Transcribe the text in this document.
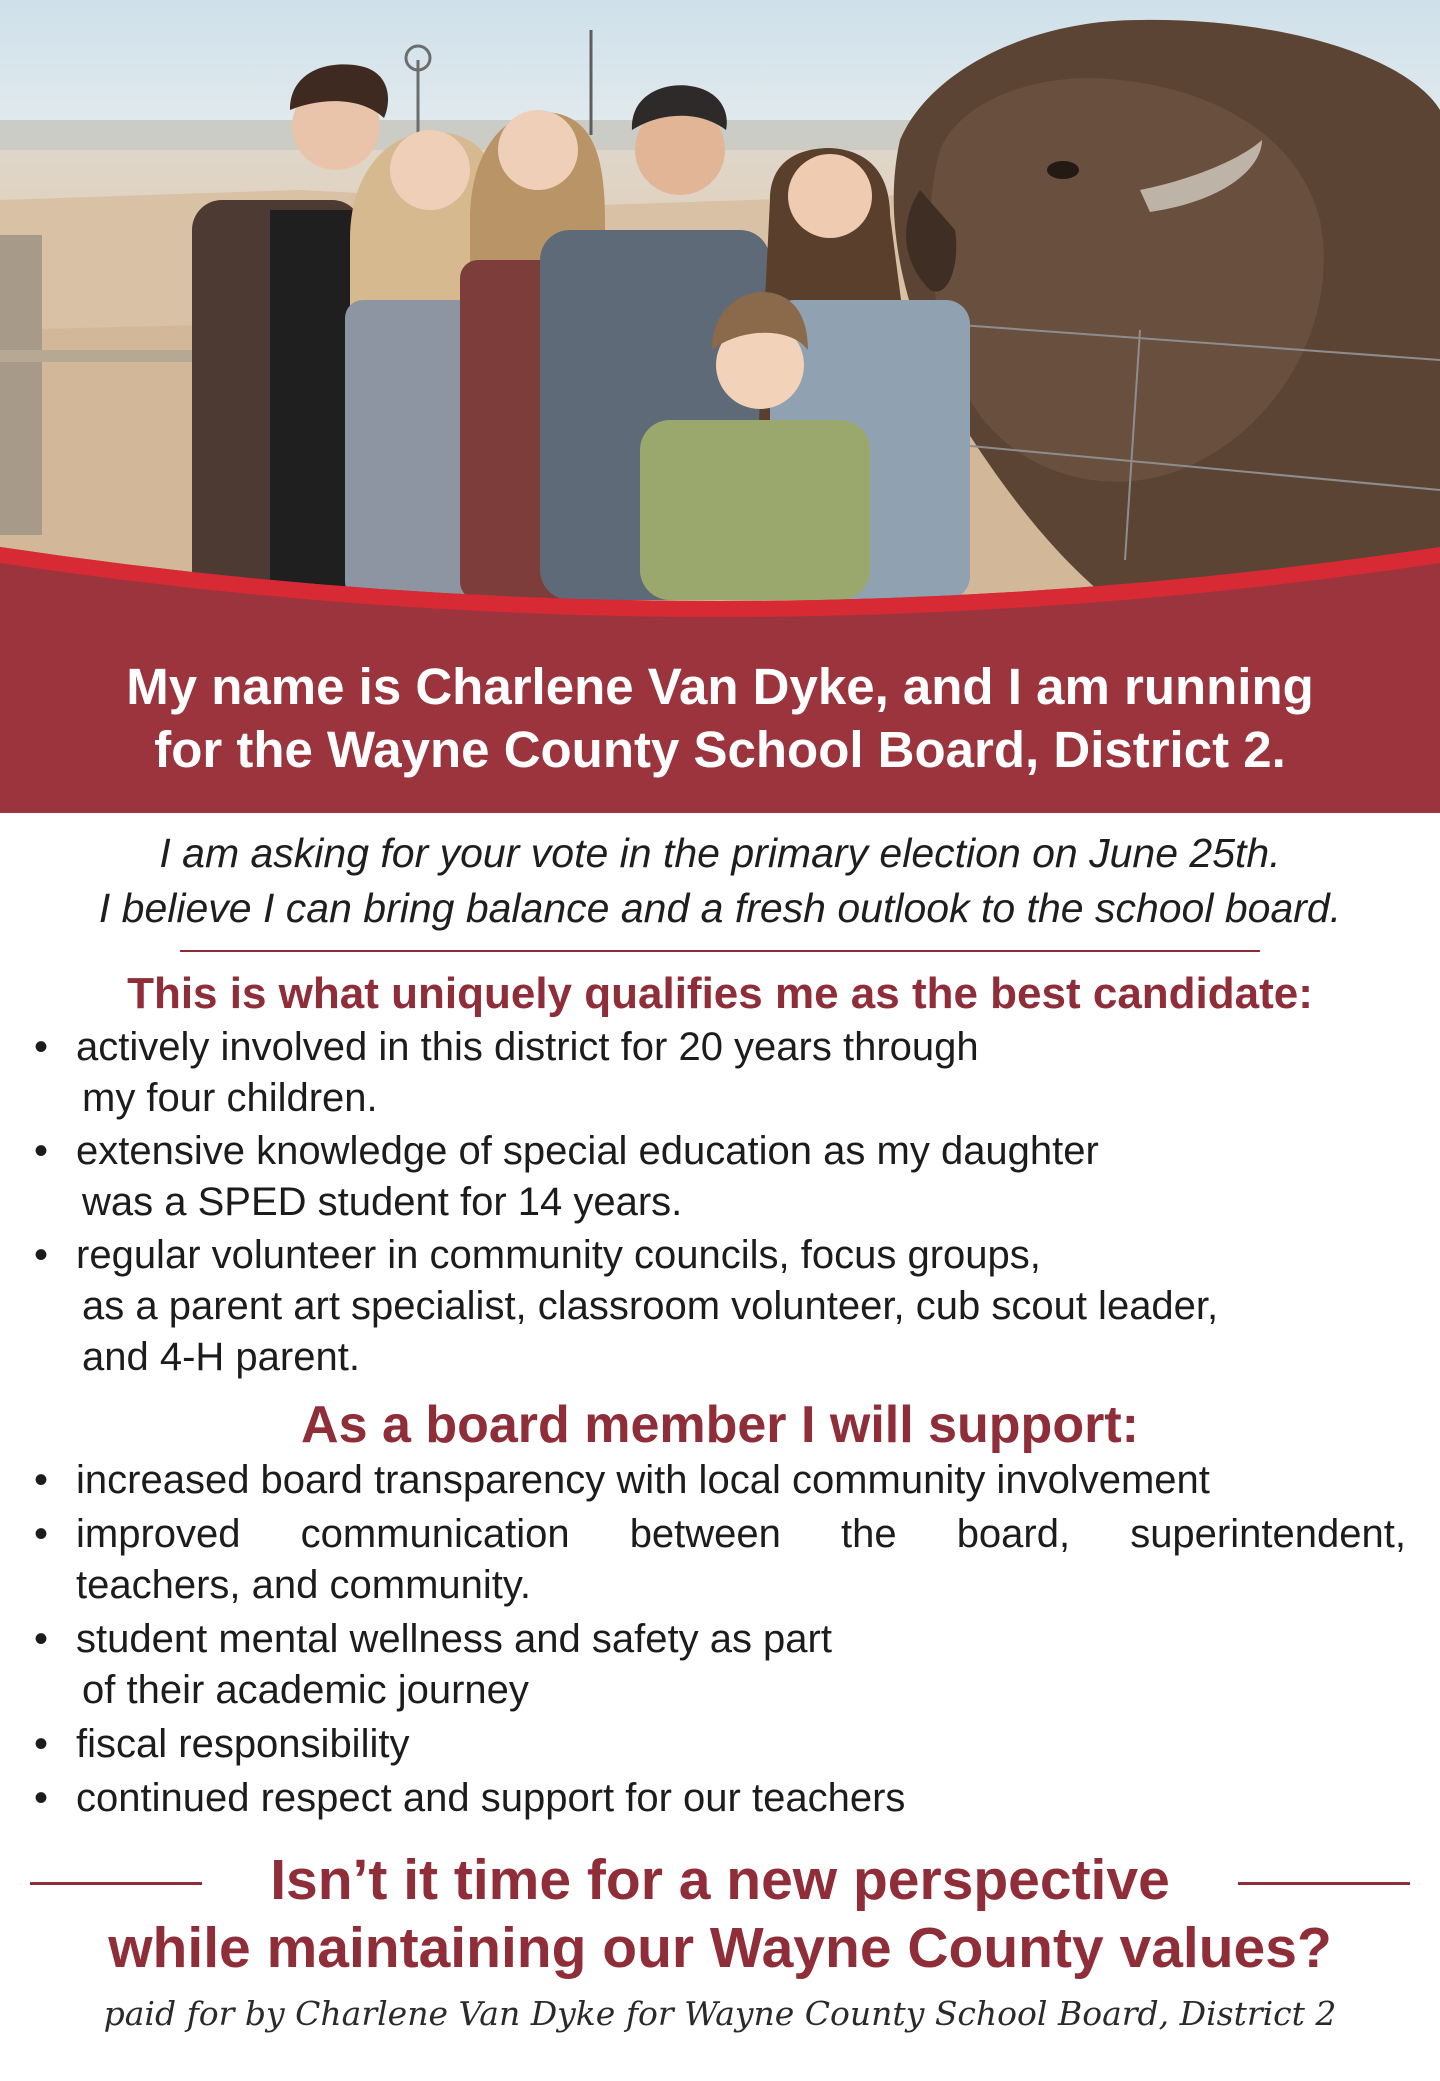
My name is Charlene Van Dyke, and I am running
for the Wayne County School Board, District 2.
I am asking for your vote in the primary election on June 25th.
I believe I can bring balance and a fresh outlook to the school board.
This is what uniquely qualifies me as the best candidate:
• actively involved in this district for 20 years through
my four children.
• extensive knowledge of special education as my daughter
was a SPED student for 14 years.
• regular volunteer in community councils, focus groups,
as a parent art specialist, classroom volunteer, cub scout leader,
and 4-H parent.
As a board member I will support:
• increased board transparency with local community involvement
• improved communication between the board, superintendent,
teachers, and community.
• student mental wellness and safety as part
of their academic journey
• fiscal responsibility
• continued respect and support for our teachers
Isn’t it time for a new perspective
while maintaining our Wayne County values?
paid for by Charlene Van Dyke for Wayne County School Board, District 2
